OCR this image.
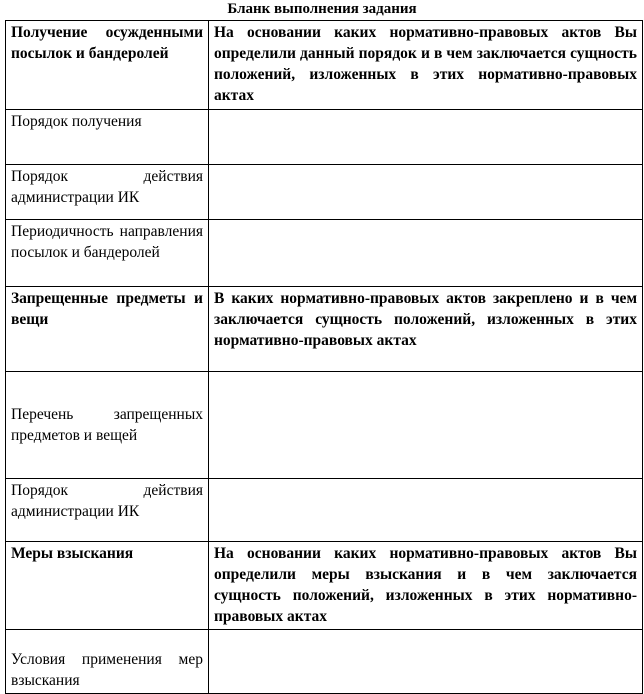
Бланк выполнения задания
Получение осужденными посылок и бандеролей	На основании каких нормативно-правовых актов Вы определили данный порядок и в чем заключается сущность положений, изложенных в этих нормативно-правовых актах
Порядок получения	
Порядок действия администрации ИК	
Периодичность направления посылок и бандеролей	
Запрещенные предметы и вещи	В каких нормативно-правовых актов закреплено и в чем заключается сущность положений, изложенных в этих нормативно-правовых актах
Перечень запрещенных предметов и вещей	
Порядок действия администрации ИК	
Меры взыскания	На основании каких нормативно-правовых актов Вы определили меры взыскания и в чем заключается сущность положений, изложенных в этих нормативно-правовых актах
Условия применения мер взыскания	
